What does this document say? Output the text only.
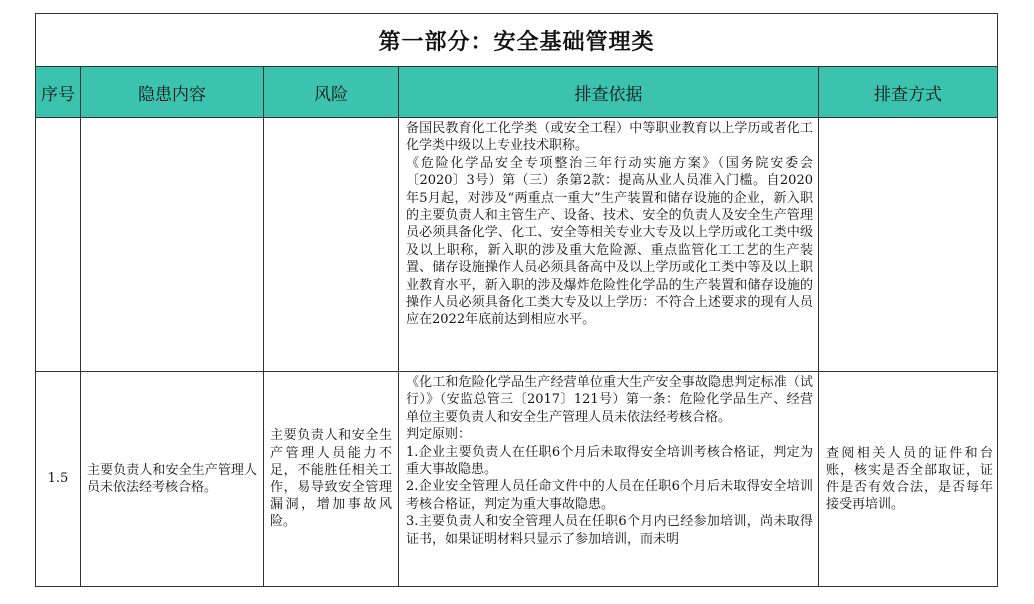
第一部分：安全基础管理类				
序号	隐患内容	风险	排查依据	排查方式

			备国民教育化工化学类（或安全工程）中等职业教育以上学历或者化工化学类中级以上专业技术职称。

《危险化学品安全专项整治三年行动实施方案》（国务院安委会〔2020〕3号）第（三）条第2款：提高从业人员准入门槛。自2020年5月起，对涉及“两重点一重大”生产装置和储存设施的企业，新入职的主要负责人和主管生产、设备、技术、安全的负责人及安全生产管理员必须具备化学、化工、安全等相关专业大专及以上学历或化工类中级及以上职称，新入职的涉及重大危险源、重点监管化工工艺的生产装置、储存设施操作人员必须具备高中及以上学历或化工类中等及以上职业教育水平，新入职的涉及爆炸危险性化学品的生产装置和储存设施的操作人员必须具备化工类大专及以上学历：不符合上述要求的现有人员应在2022年底前达到相应水平。	

1.5	主要负责人和安全生产管理人员未依法经考核合格。	主要负责人和安全生产管理人员能力不足，不能胜任相关工作，易导致安全管理漏洞，增加事故风险。	《化工和危险化学品生产经营单位重大生产安全事故隐患判定标准（试行）》（安监总管三〔2017〕121号）第一条：危险化学品生产、经营单位主要负责人和安全生产管理人员未依法经考核合格。

判定原则：

1.企业主要负责人在任职6个月后未取得安全培训考核合格证，判定为重大事故隐患。

2.企业安全管理人员任命文件中的人员在任职6个月后未取得安全培训考核合格证，判定为重大事故隐患。

3.主要负责人和安全管理人员在任职6个月内已经参加培训，尚未取得证书，如果证明材料只显示了参加培训，而未明	查阅相关人员的证件和台账，核实是否全部取证，证件是否有效合法，是否每年接受再培训。
